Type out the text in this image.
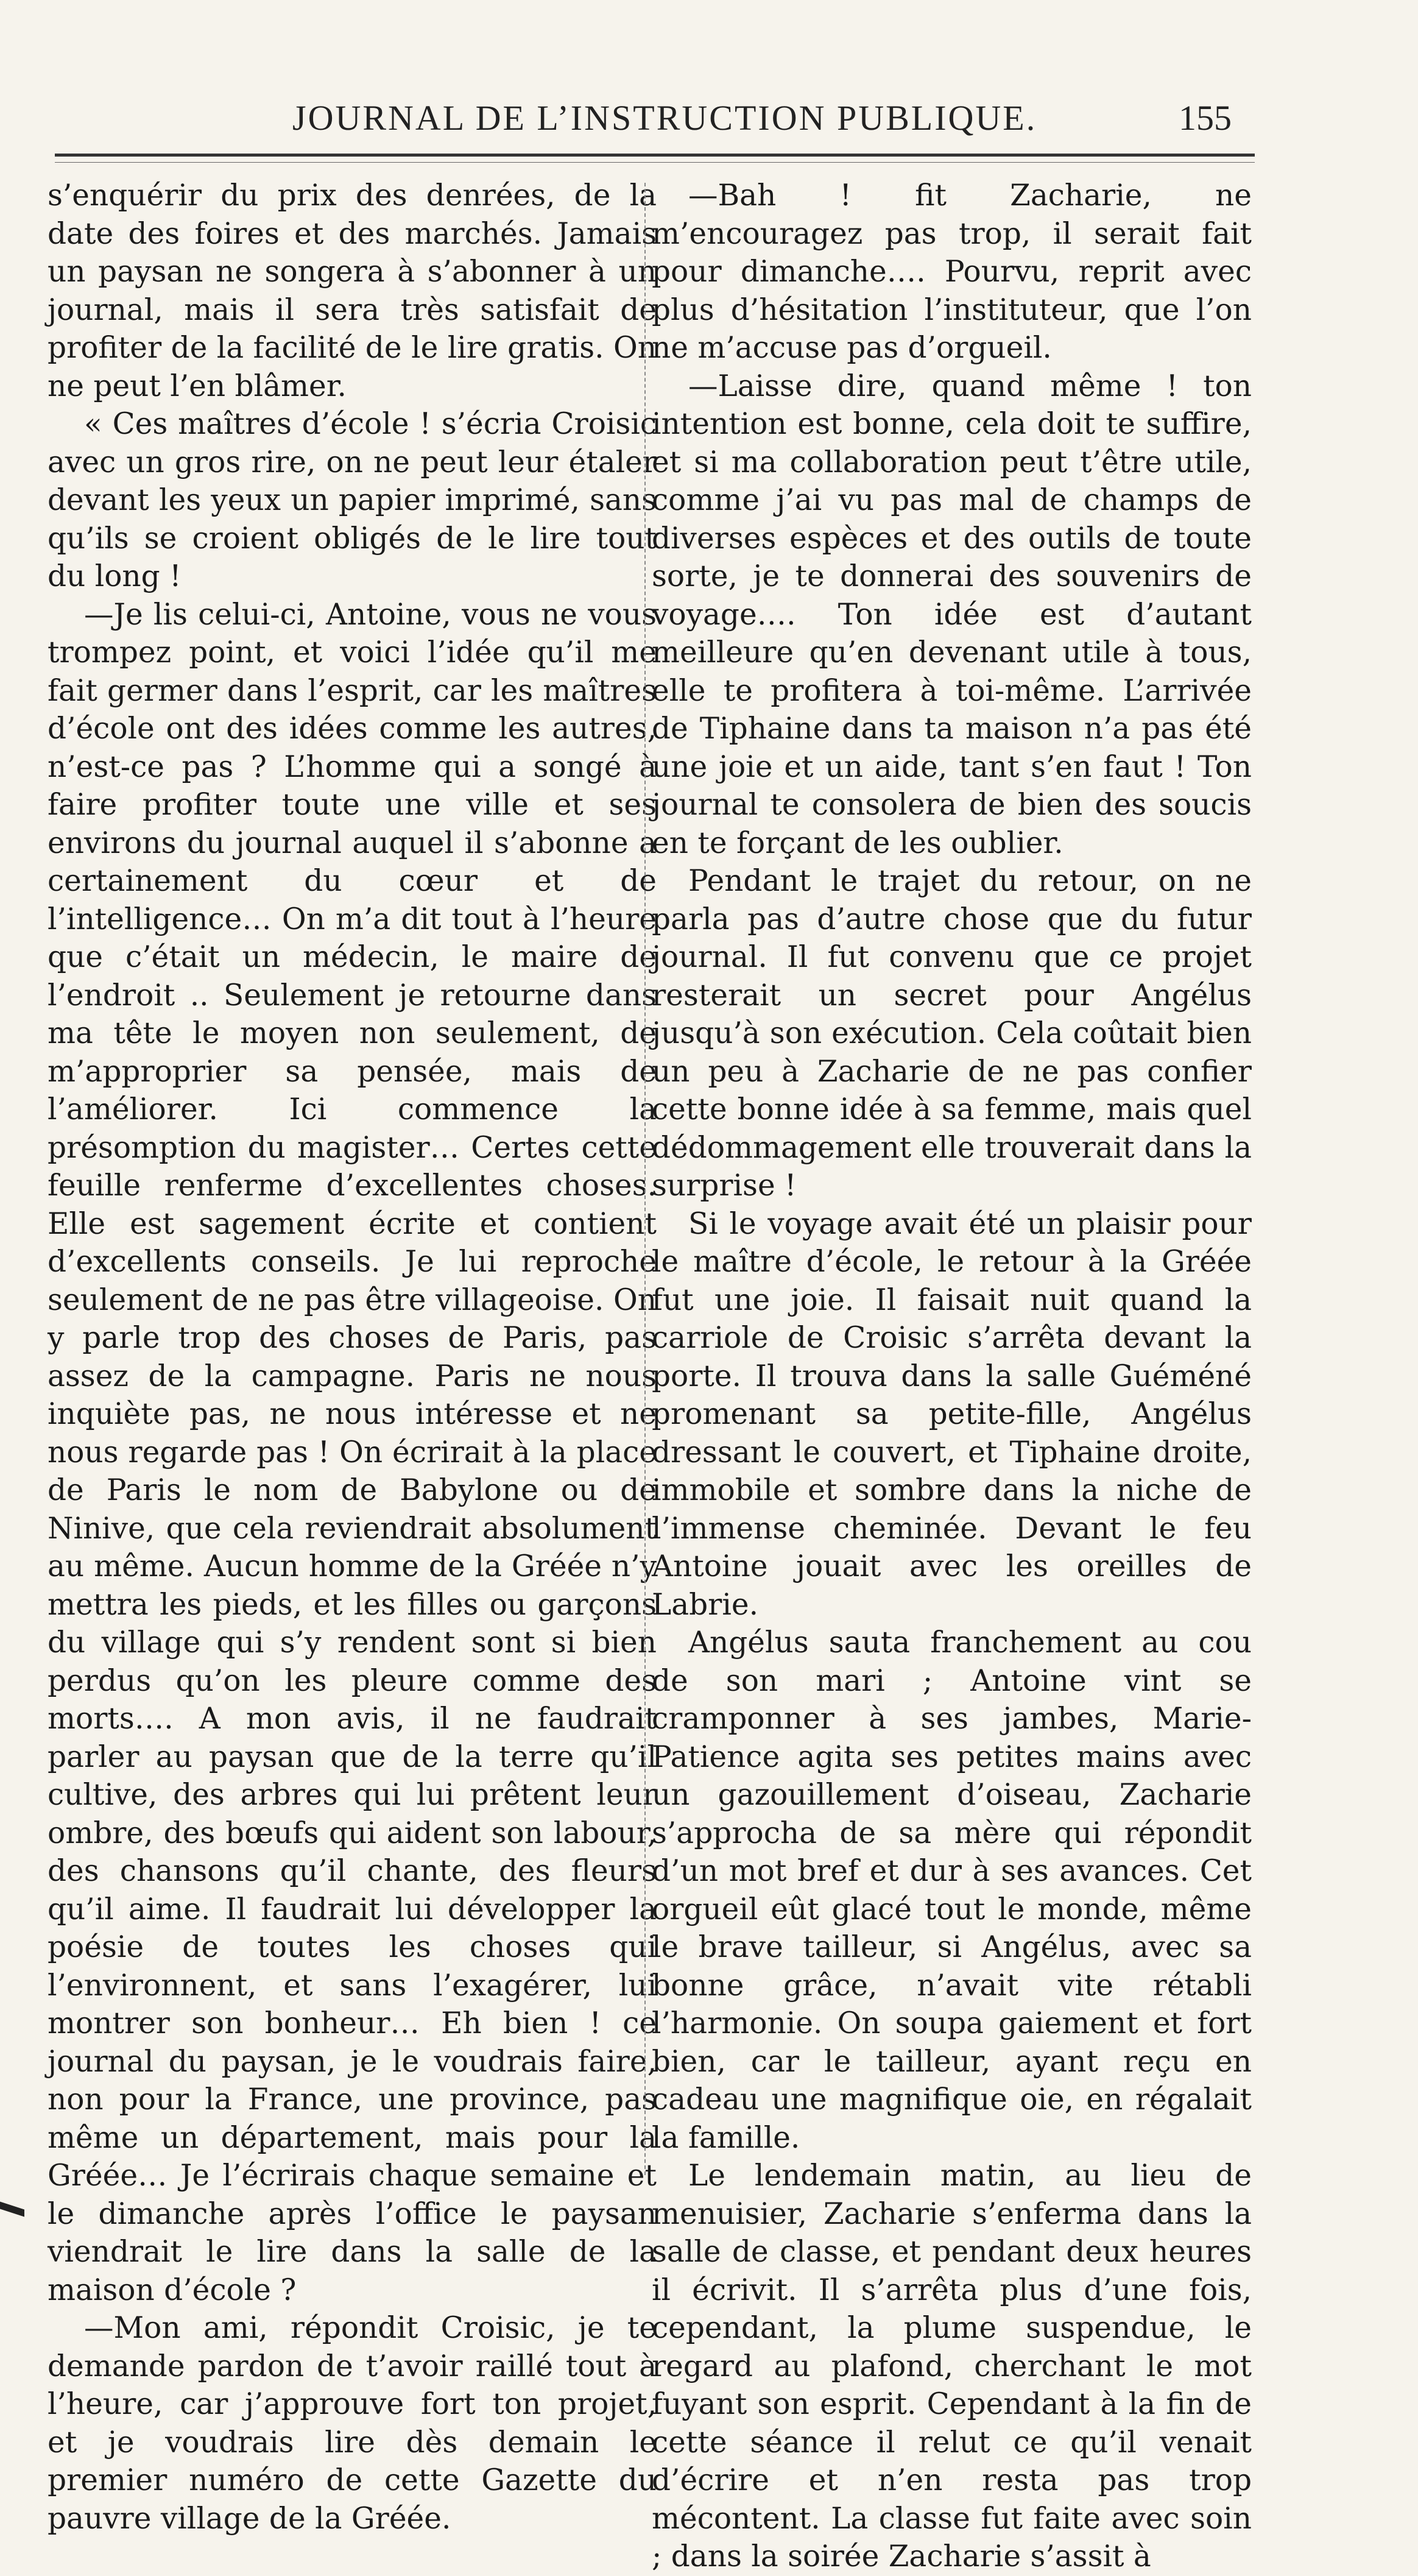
JOURNAL DE L’INSTRUCTION PUBLIQUE.	155

s’enquérir du prix des denrées, de la date des foires et des marchés. Jamais un paysan ne songera à s’abonner à un journal, mais il sera très satisfait de profiter de la facilité de le lire gratis. On ne peut l’en blâmer.

« Ces maîtres d’école ! s’écria Croisic avec un gros rire, on ne peut leur étaler devant les yeux un papier imprimé, sans qu’ils se croient obligés de le lire tout du long !

—Je lis celui-ci, Antoine, vous ne vous trompez point, et voici l’idée qu’il me fait germer dans l’esprit, car les maîtres d’école ont des idées comme les autres, n’est-ce pas ? L’homme qui a songé à faire profiter toute une ville et ses environs du journal auquel il s’abonne a certainement du cœur et de l’intelligence… On m’a dit tout à l’heure que c’était un médecin, le maire de l’endroit .. Seulement je retourne dans ma tête le moyen non seulement, de m’approprier sa pensée, mais de l’améliorer. Ici commence la présomption du magister… Certes cette feuille renferme d’excellentes choses. Elle est sagement écrite et contient d’excellents conseils. Je lui reproche seulement de ne pas être villageoise. On y parle trop des choses de Paris, pas assez de la campagne. Paris ne nous inquiète pas, ne nous intéresse et ne nous regarde pas ! On écrirait à la place de Paris le nom de Babylone ou de Ninive, que cela reviendrait absolument au même. Aucun homme de la Gréée n’y mettra les pieds, et les filles ou garçons du village qui s’y rendent sont si bien perdus qu’on les pleure comme des morts…. A mon avis, il ne faudrait parler au paysan que de la terre qu’il cultive, des arbres qui lui prêtent leur ombre, des bœufs qui aident son labour, des chansons qu’il chante, des fleurs qu’il aime. Il faudrait lui développer la poésie de toutes les choses qui l’environnent, et sans l’exagérer, lui montrer son bonheur… Eh bien ! ce journal du paysan, je le voudrais faire, non pour la France, une province, pas même un département, mais pour la Gréée… Je l’écrirais chaque semaine et le dimanche après l’office le paysan viendrait le lire dans la salle de la maison d’école ?

—Mon ami, répondit Croisic, je te demande pardon de t’avoir raillé tout à l’heure, car j’approuve fort ton projet, et je voudrais lire dès demain le premier numéro de cette Gazette du pauvre village de la Gréée.

—Bah ! fit Zacharie, ne m’encouragez pas trop, il serait fait pour dimanche…. Pourvu, reprit avec plus d’hésitation l’instituteur, que l’on ne m’accuse pas d’orgueil.

—Laisse dire, quand même ! ton intention est bonne, cela doit te suffire, et si ma collaboration peut t’être utile, comme j’ai vu pas mal de champs de diverses espèces et des outils de toute sorte, je te donnerai des souvenirs de voyage…. Ton idée est d’autant meilleure qu’en devenant utile à tous, elle te profitera à toi-même. L’arrivée de Tiphaine dans ta maison n’a pas été une joie et un aide, tant s’en faut ! Ton journal te consolera de bien des soucis en te forçant de les oublier.

Pendant le trajet du retour, on ne parla pas d’autre chose que du futur journal. Il fut convenu que ce projet resterait un secret pour Angélus jusqu’à son exécution. Cela coûtait bien un peu à Zacharie de ne pas confier cette bonne idée à sa femme, mais quel dédommagement elle trouverait dans la surprise !

Si le voyage avait été un plaisir pour le maître d’école, le retour à la Gréée fut une joie. Il faisait nuit quand la carriole de Croisic s’arrêta devant la porte. Il trouva dans la salle Guéméné promenant sa petite-fille, Angélus dressant le couvert, et Tiphaine droite, immobile et sombre dans la niche de l’immense cheminée. Devant le feu Antoine jouait avec les oreilles de Labrie.

Angélus sauta franchement au cou de son mari ; Antoine vint se cramponner à ses jambes, Marie-Patience agita ses petites mains avec un gazouillement d’oiseau, Zacharie s’approcha de sa mère qui répondit d’un mot bref et dur à ses avances. Cet orgueil eût glacé tout le monde, même le brave tailleur, si Angélus, avec sa bonne grâce, n’avait vite rétabli l’harmonie. On soupa gaiement et fort bien, car le tailleur, ayant reçu en cadeau une magnifique oie, en régalait la famille.

Le lendemain matin, au lieu de menuisier, Zacharie s’enferma dans la salle de classe, et pendant deux heures il écrivit. Il s’arrêta plus d’une fois, cependant, la plume suspendue, le regard au plafond, cherchant le mot fuyant son esprit. Cependant à la fin de cette séance il relut ce qu’il venait d’écrire et n’en resta pas trop mécontent. La classe fut faite avec soin ; dans la soirée Zacharie s’assit à
